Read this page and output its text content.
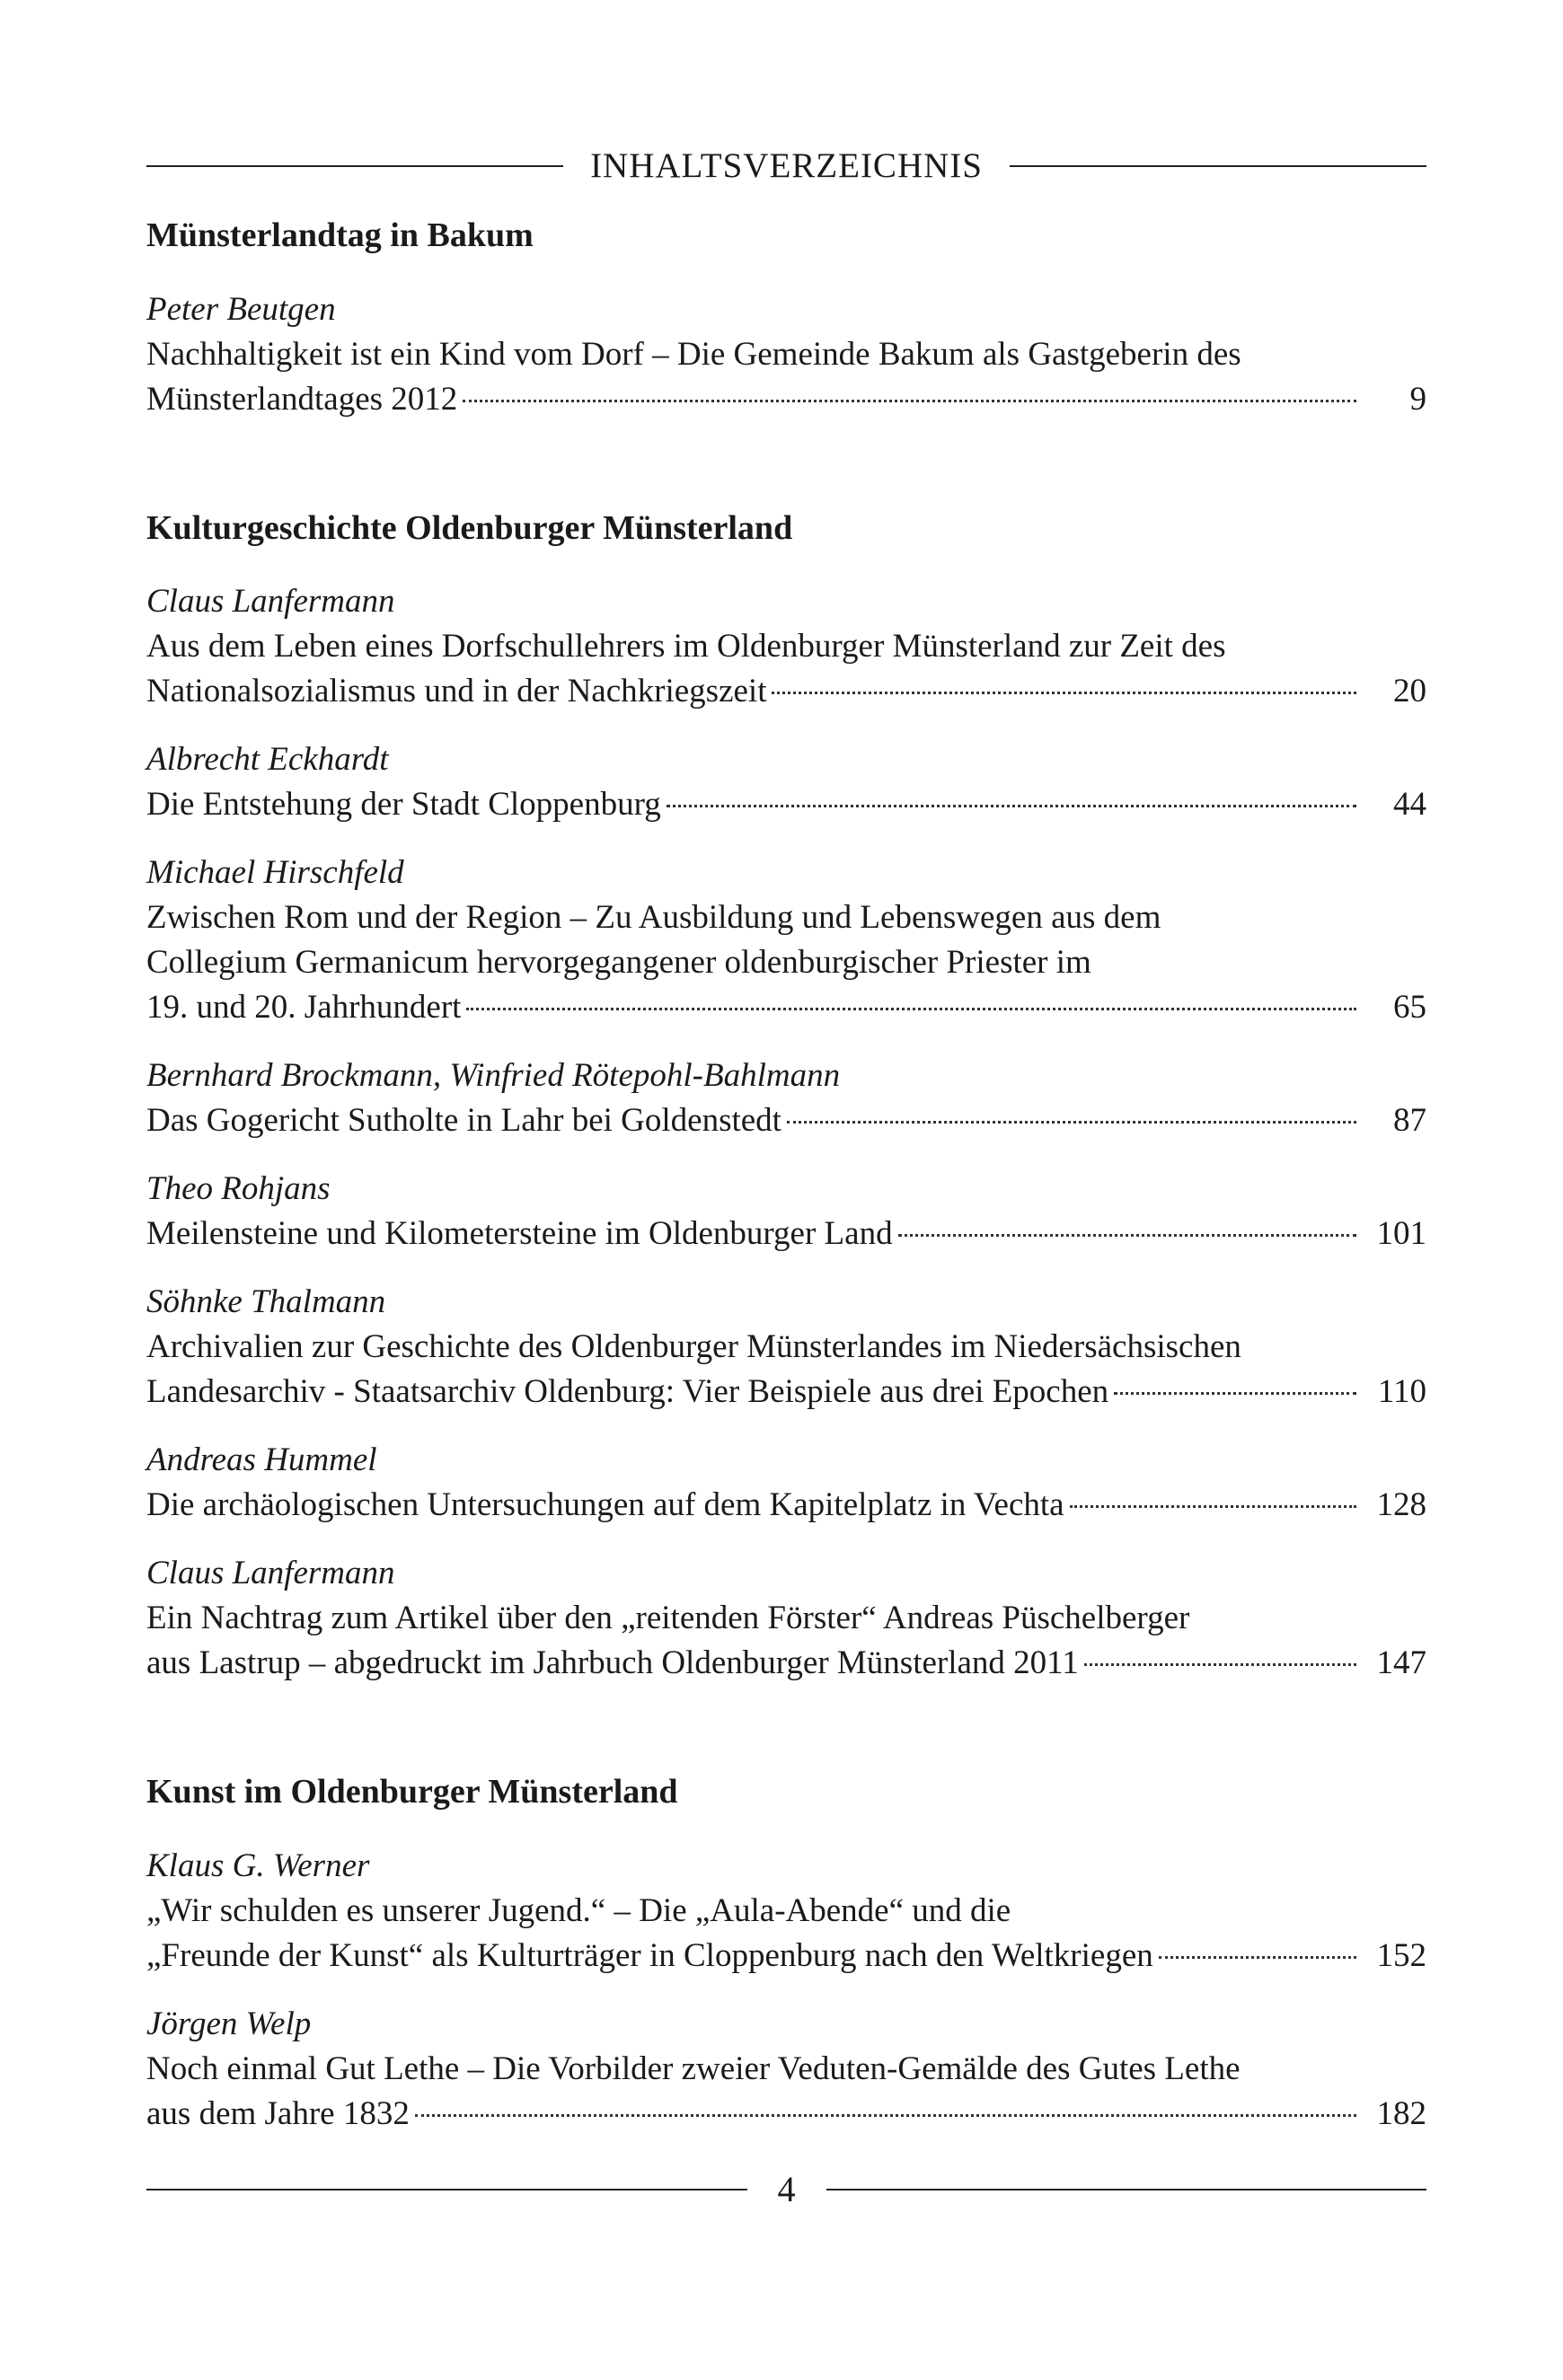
INHALTSVERZEICHNIS
Münsterlandtag in Bakum
Peter Beutgen
Nachhaltigkeit ist ein Kind vom Dorf – Die Gemeinde Bakum als Gastgeberin des
Münsterlandtages 2012	9
Kulturgeschichte Oldenburger Münsterland
Claus Lanfermann
Aus dem Leben eines Dorfschullehrers im Oldenburger Münsterland zur Zeit des
Nationalsozialismus und in der Nachkriegszeit	20
Albrecht Eckhardt
Die Entstehung der Stadt Cloppenburg	44
Michael Hirschfeld
Zwischen Rom und der Region – Zu Ausbildung und Lebenswegen aus dem
Collegium Germanicum hervorgegangener oldenburgischer Priester im
19. und 20. Jahrhundert	65
Bernhard Brockmann, Winfried Rötepohl-Bahlmann
Das Gogericht Sutholte in Lahr bei Goldenstedt	87
Theo Rohjans
Meilensteine und Kilometersteine im Oldenburger Land	101
Söhnke Thalmann
Archivalien zur Geschichte des Oldenburger Münsterlandes im Niedersächsischen
Landesarchiv - Staatsarchiv Oldenburg: Vier Beispiele aus drei Epochen	110
Andreas Hummel
Die archäologischen Untersuchungen auf dem Kapitelplatz in Vechta	128
Claus Lanfermann
Ein Nachtrag zum Artikel über den „reitenden Förster“ Andreas Püschelberger
aus Lastrup – abgedruckt im Jahrbuch Oldenburger Münsterland 2011	147
Kunst im Oldenburger Münsterland
Klaus G. Werner
„Wir schulden es unserer Jugend.“ – Die „Aula-Abende“ und die
„Freunde der Kunst“ als Kulturträger in Cloppenburg nach den Weltkriegen	152
Jörgen Welp
Noch einmal Gut Lethe – Die Vorbilder zweier Veduten-Gemälde des Gutes Lethe
aus dem Jahre 1832	182
4
